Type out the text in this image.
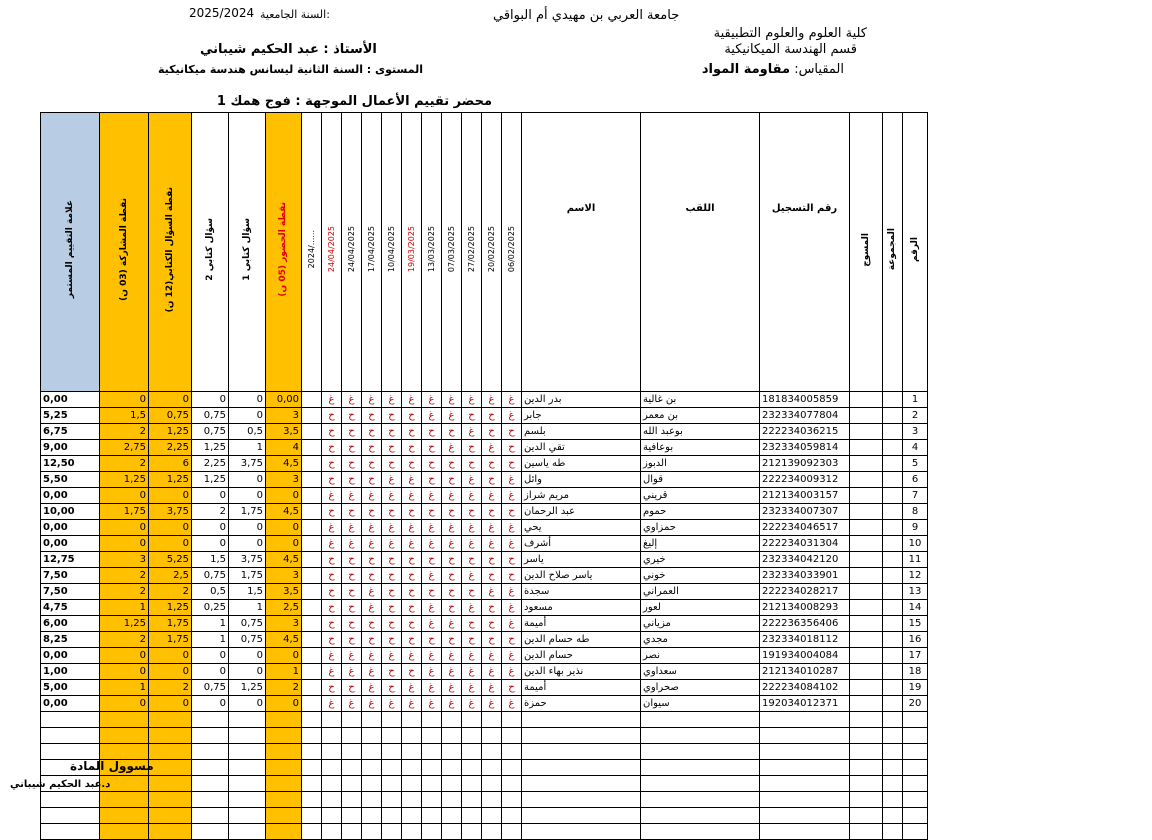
2025/2024 السنة الجامعية:	جامعة العربي بن مهيدي أم البواقي
كلية العلوم والعلوم التطبيقية
قسم الهندسة الميكانيكية
الأستاذ : عبد الحكيم شيباني
المستوى : السنة الثانية ليسانس هندسة ميكانيكية	المقياس: مقاومة المواد
محضر تقييم الأعمال الموجهة : فوج همك 1
علامة التقييم المستمر	نقطة المشاركة (03 ن)	نقطة السؤال الكتابي(12 ن)	سؤال كتابي 2	سؤال كتابي 1	نقطة الحضور (05 ن)	2024/......	24/04/2025	24/04/2025	17/04/2025	10/04/2025	19/03/2025	13/03/2025	07/03/2025	27/02/2025	20/02/2025	06/02/2025	الاسم	اللقب	رقم التسجيل	المسوج	المجموعة	الرقم
0,00	0	0	0	0	0,00		غ	غ	غ	غ	غ	غ	غ	غ	غ	غ	بدر الدين	بن غالية	181834005859			1
5,25	1,5	0,75	0,75	0	3		ح	ح	ح	ح	ح	غ	غ	ح	ح	غ	جابر	بن معمر	232334077804			2
6,75	2	1,25	0,75	0,5	3,5		ح	ح	ح	ح	ح	ح	ح	غ	ح	ح	بلسم	بوعبد الله	222234036215			3
9,00	2,75	2,25	1,25	1	4		ح	ح	ح	ح	ح	ح	غ	ح	غ	ح	تقي الدين	بوعافية	232334059814			4
12,50	2	6	2,25	3,75	4,5		ح	ح	ح	ح	ح	ح	ح	ح	ح	ح	طه ياسين	الدبوز	212139092303			5
5,50	1,25	1,25	1,25	0	3		ح	ح	ح	غ	غ	ح	ح	غ	ح	غ	وائل	قوال	222234009312			6
0,00	0	0	0	0	0		غ	غ	غ	غ	غ	غ	غ	غ	غ	غ	مريم شراز	قريني	212134003157			7
10,00	1,75	3,75	2	1,75	4,5		ح	ح	ح	ح	ح	ح	ح	ح	ح	ح	عبد الرحمان	حموم	232334007307			8
0,00	0	0	0	0	0		غ	غ	غ	غ	غ	غ	غ	غ	غ	غ	يحي	حمزاوي	222234046517			9
0,00	0	0	0	0	0		غ	غ	غ	غ	غ	غ	غ	غ	غ	غ	أشرف	إليغ	222234031304			10
12,75	3	5,25	1,5	3,75	4,5		ح	ح	ح	ح	ح	ح	ح	ح	ح	ح	ياسر	خيري	232334042120			11
7,50	2	2,5	0,75	1,75	3		ح	ح	ح	ح	ح	غ	ح	غ	ح	ح	ياسر صلاح الدين	خوني	232334033901			12
7,50	2	2	0,5	1,5	3,5		ح	ح	غ	ح	ح	ح	ح	ح	غ	غ	سجدة	العمراني	222234028217			13
4,75	1	1,25	0,25	1	2,5		ح	ح	غ	ح	ح	غ	ح	غ	ح	غ	مسعود	لعور	212134008293			14
6,00	1,25	1,75	1	0,75	3		ح	ح	ح	ح	ح	غ	غ	ح	ح	غ	أميمة	مزياني	222236356406			15
8,25	2	1,75	1	0,75	4,5		ح	ح	ح	ح	ح	ح	ح	ح	ح	ح	طه حسام الدين	مجدي	232334018112			16
0,00	0	0	0	0	0		غ	غ	غ	غ	غ	غ	غ	غ	غ	غ	حسام الدين	نصر	191934004084			17
1,00	0	0	0	0	1		غ	غ	غ	ح	ح	غ	غ	غ	غ	غ	نذير بهاء الدين	سعداوي	212134010287			18
5,00	1	2	0,75	1,25	2		ح	ح	غ	ح	غ	غ	غ	غ	غ	ح	أميمة	صحراوي	222234084102			19
0,00	0	0	0	0	0		غ	غ	غ	غ	غ	غ	غ	غ	غ	غ	حمزة	سيوان	192034012371			20

مسوول المادة
د.عبد الحكيم شيباني
